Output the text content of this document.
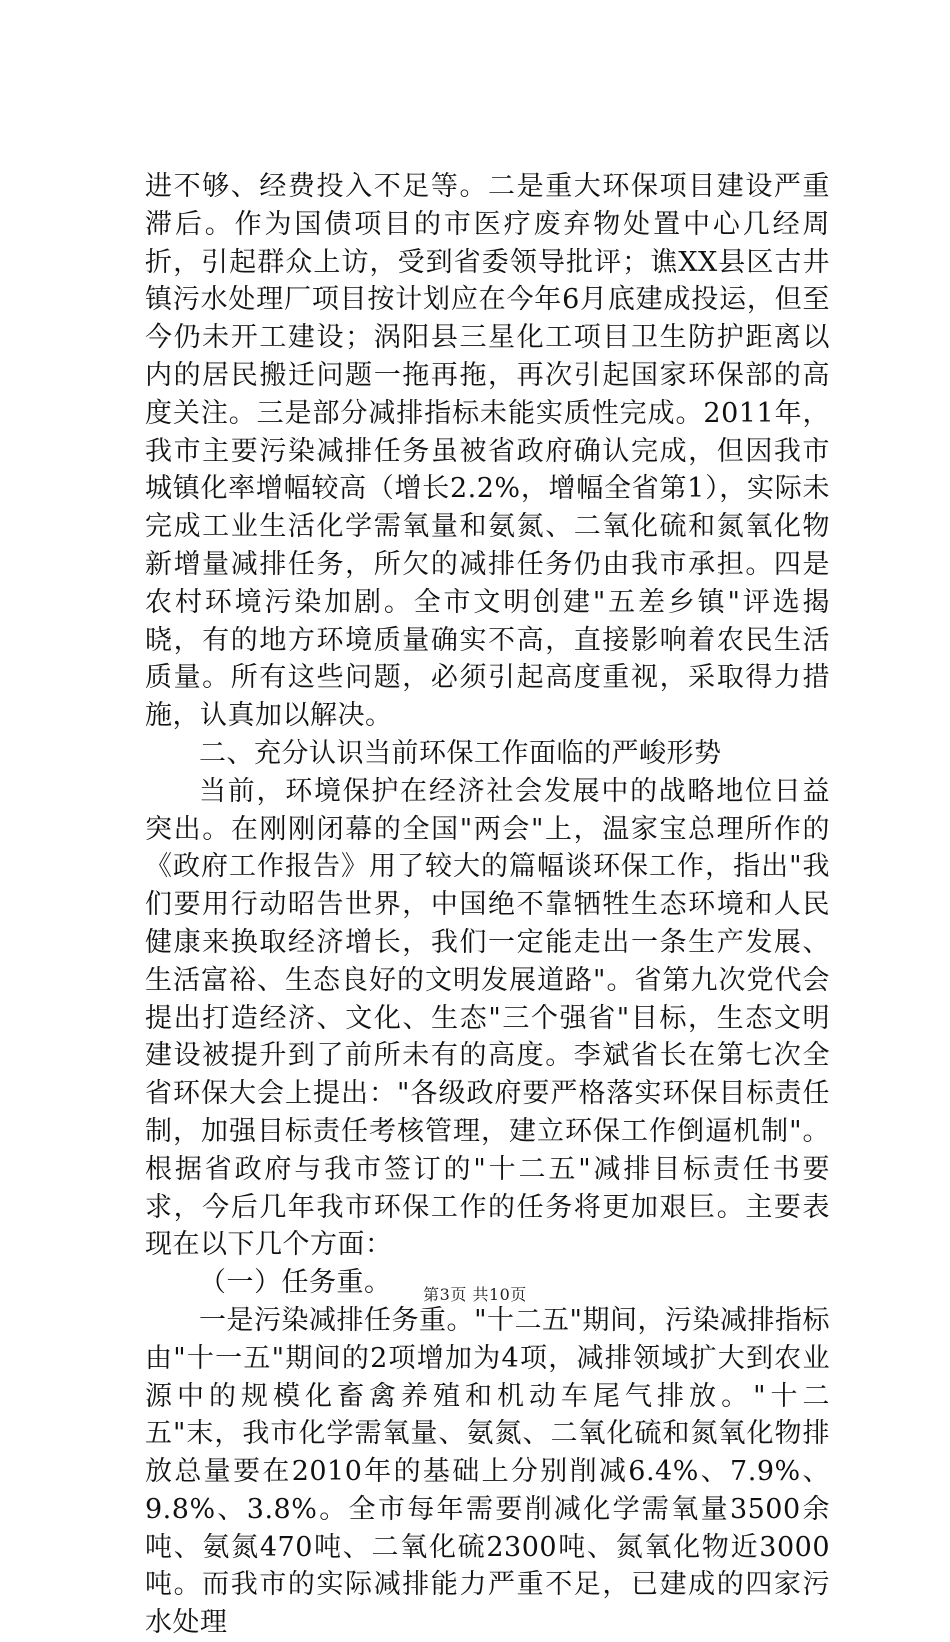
进不够、经费投入不足等。二是重大环保项目建设严重滞后。作为国债项目的市医疗废弃物处置中心几经周折，引起群众上访，受到省委领导批评；谯XX县区古井镇污水处理厂项目按计划应在今年6月底建成投运，但至今仍未开工建设；涡阳县三星化工项目卫生防护距离以内的居民搬迁问题一拖再拖，再次引起国家环保部的高度关注。三是部分减排指标未能实质性完成。2011年，我市主要污染减排任务虽被省政府确认完成，但因我市城镇化率增幅较高（增长2.2%，增幅全省第1），实际未完成工业生活化学需氧量和氨氮、二氧化硫和氮氧化物新增量减排任务，所欠的减排任务仍由我市承担。四是农村环境污染加剧。全市文明创建"五差乡镇"评选揭晓，有的地方环境质量确实不高，直接影响着农民生活质量。所有这些问题，必须引起高度重视，采取得力措施，认真加以解决。

二、充分认识当前环保工作面临的严峻形势

当前，环境保护在经济社会发展中的战略地位日益突出。在刚刚闭幕的全国"两会"上，温家宝总理所作的《政府工作报告》用了较大的篇幅谈环保工作，指出"我们要用行动昭告世界，中国绝不靠牺牲生态环境和人民健康来换取经济增长，我们一定能走出一条生产发展、生活富裕、生态良好的文明发展道路"。省第九次党代会提出打造经济、文化、生态"三个强省"目标，生态文明建设被提升到了前所未有的高度。李斌省长在第七次全省环保大会上提出："各级政府要严格落实环保目标责任制，加强目标责任考核管理，建立环保工作倒逼机制"。根据省政府与我市签订的"十二五"减排目标责任书要求，今后几年我市环保工作的任务将更加艰巨。主要表现在以下几个方面：

（一）任务重。

一是污染减排任务重。"十二五"期间，污染减排指标由"十一五"期间的2项增加为4项，减排领域扩大到农业源中的规模化畜禽养殖和机动车尾气排放。"十二五"末，我市化学需氧量、氨氮、二氧化硫和氮氧化物排放总量要在2010年的基础上分别削减6.4%、7.9%、9.8%、3.8%。全市每年需要削减化学需氧量3500余吨、氨氮470吨、二氧化硫2300吨、氮氧化物近3000吨。而我市的实际减排能力严重不足，已建成的四家污水处理

第3页 共10页
